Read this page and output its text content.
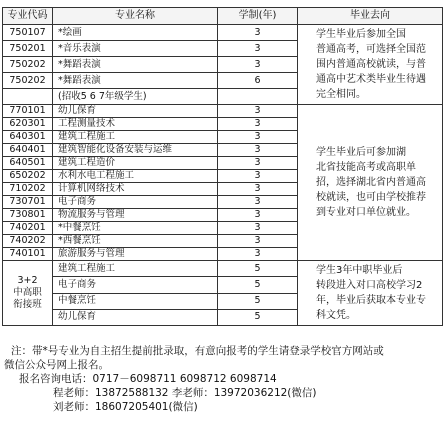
专业代码	专业名称	学制(年)	毕业去向
750107	*绘画	3	学生毕业后参加全国
普通高考，可选择全国范
围内普通高校就读，与普
通高中艺术类毕业生待遇
完全相同。

750201	*音乐表演	3	
750202	*舞蹈表演	3	
750202	*舞蹈表演	6	
	(招收5 6 7年级学生)		
770101	幼儿保育	3	学生毕业后可参加湖
北省技能高考或高职单
招，选择湖北省内普通高
校就读，也可由学校推荐
到专业对口单位就业。

620301	工程测量技术	3	
640301	建筑工程施工	3	
640401	建筑智能化设备安装与运维	3	
640501	建筑工程造价	3	
650202	水利水电工程施工	3	
710202	计算机网络技术	3	
730701	电子商务	3	
730801	物流服务与管理	3	
740201	*中餐烹饪	3	
740202	*西餐烹饪	3	
740101	旅游服务与管理	3	

3+2
中高职
衔接班	建筑工程施工	5	学生3年中职毕业后
转段进入对口高校学习2
年，毕业后获取本专业专
科文凭。

	电子商务	5	
	中餐烹饪	5	
	幼儿保育	5	
注：带*号专业为自主招生提前批录取，有意向报考的学生请登录学校官方网站或
微信公众号网上报名。
报名咨询电话：0717－6098711 6098712 6098714
程老师：13872588132 李老师：13972036212(微信)
刘老师：18607205401(微信)
